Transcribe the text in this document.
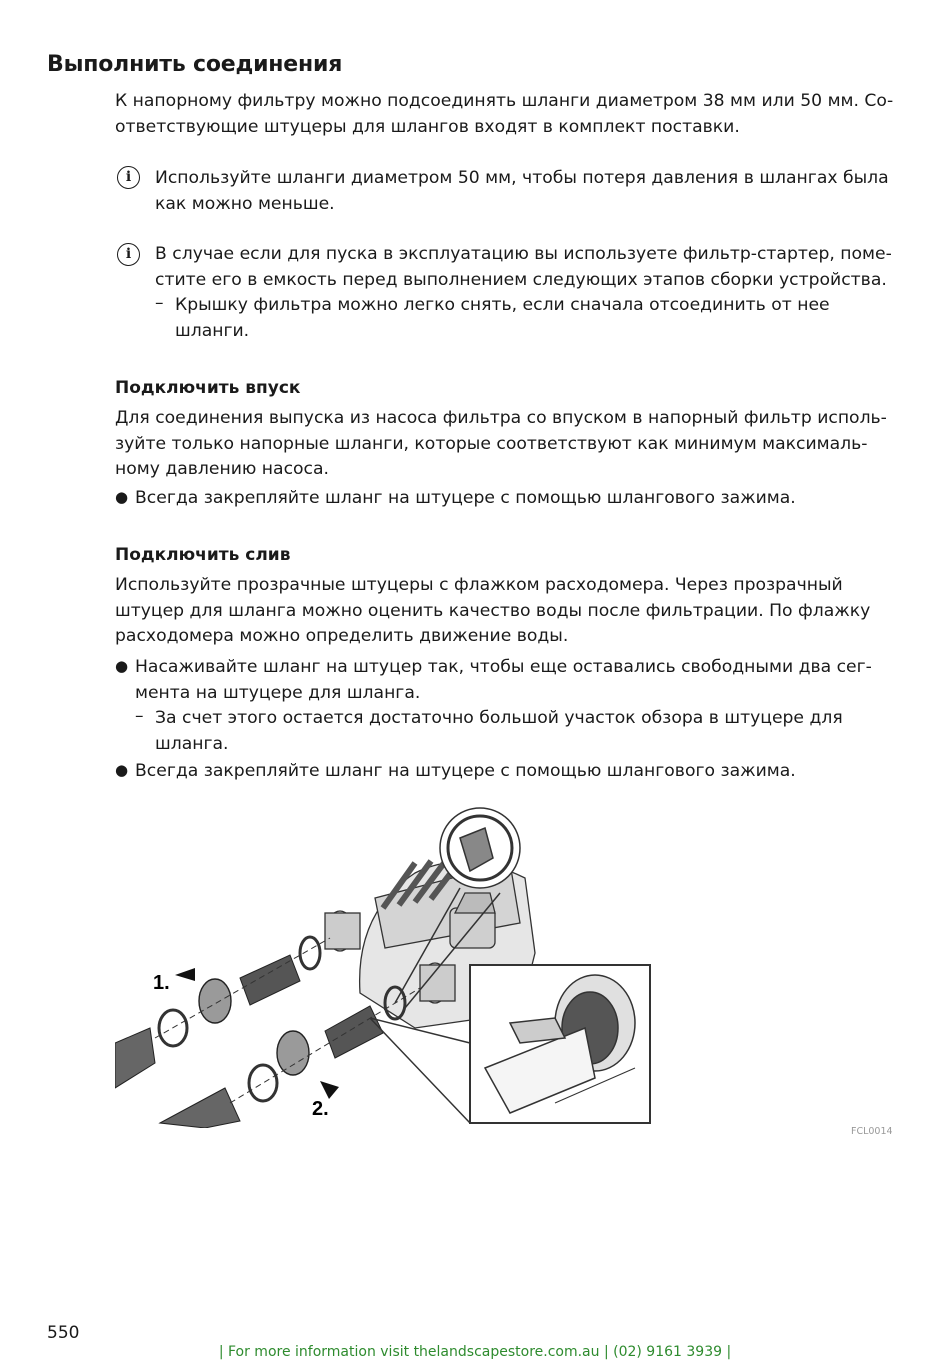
Выполнить соединения

К напорному фильтру можно подсоединять шланги диаметром 38 мм или 50 мм. Со-

ответствующие штуцеры для шлангов входят в комплект поставки.

i	Используйте шланги диаметром 50 мм, чтобы потеря давления в шлангах была

как можно меньше.

i	В случае если для пуска в эксплуатацию вы используете фильтр-стартер, поме-

стите его в емкость перед выполнением следующих этапов сборки устройства.

– Крышку фильтра можно легко снять, если сначала отсоединить от нее

шланги.

Подключить впуск

Для соединения выпуска из насоса фильтра со впуском в напорный фильтр исполь-

зуйте только напорные шланги, которые соответствуют как минимум максималь-

ному давлению насоса.

● Всегда закрепляйте шланг на штуцере с помощью шлангового зажима.

Подключить слив

Используйте прозрачные штуцеры с флажком расходомера. Через прозрачный

штуцер для шланга можно оценить качество воды после фильтрации. По флажку

расходомера можно определить движение воды.

● Насаживайте шланг на штуцер так, чтобы еще оставались свободными два сег-

мента на штуцере для шланга.

– За счет этого остается достаточно большой участок обзора в штуцере для

шланга.

● Всегда закрепляйте шланг на штуцере с помощью шлангового зажима.

1.
2.
FCL0014
550
| For more information visit thelandscapestore.com.au | (02) 9161 3939 |
